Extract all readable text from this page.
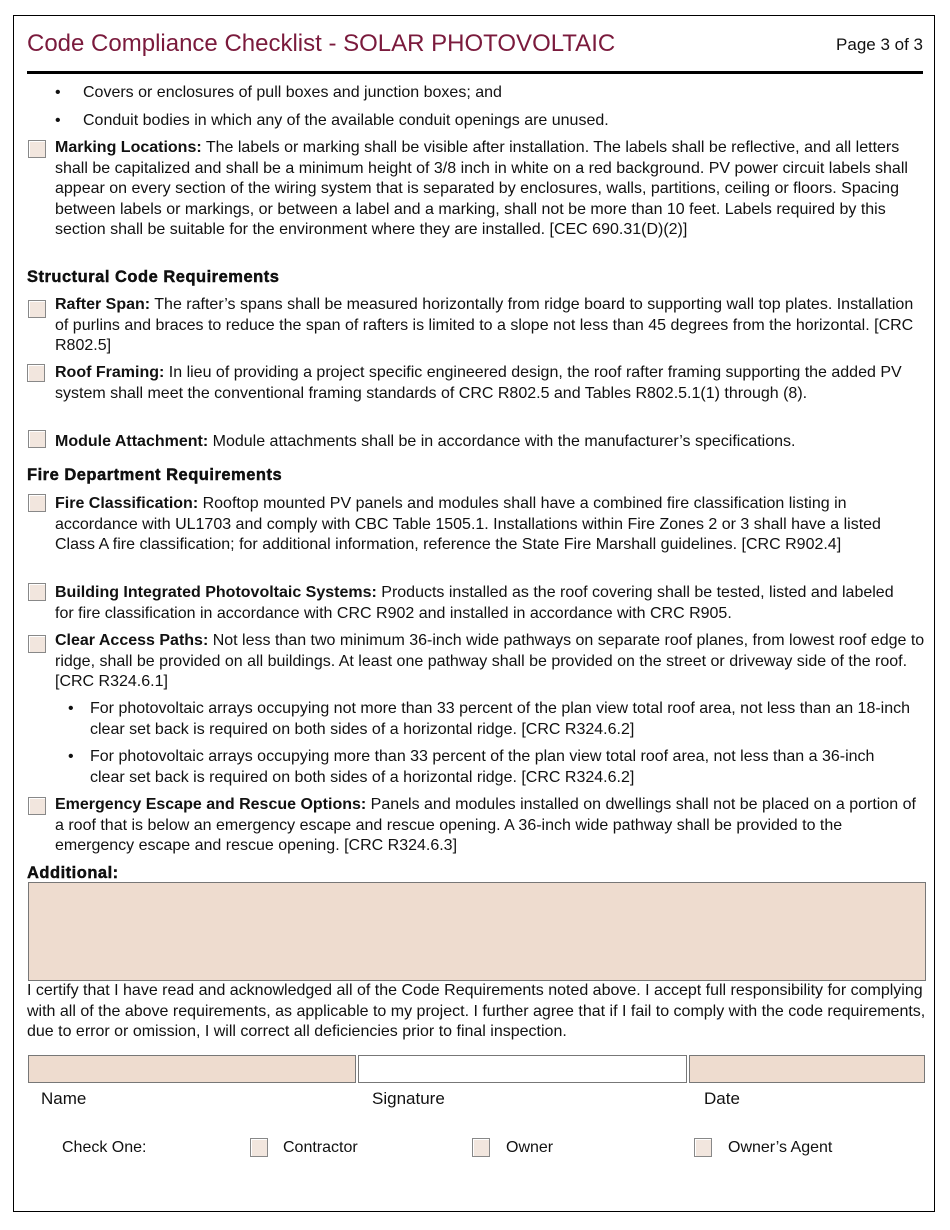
Code Compliance Checklist - SOLAR PHOTOVOLTAIC	Page 3 of 3
• Covers or enclosures of pull boxes and junction boxes; and
• Conduit bodies in which any of the available conduit openings are unused.
Marking Locations: The labels or marking shall be visible after installation. The labels shall be reflective, and all letters shall be capitalized and shall be a minimum height of 3/8 inch in white on a red background. PV power circuit labels shall appear on every section of the wiring system that is separated by enclosures, walls, partitions, ceiling or floors. Spacing between labels or markings, or between a label and a marking, shall not be more than 10 feet. Labels required by this section shall be suitable for the environment where they are installed. [CEC 690.31(D)(2)]
Structural Code Requirements
Rafter Span: The rafter’s spans shall be measured horizontally from ridge board to supporting wall top plates. Installation of purlins and braces to reduce the span of rafters is limited to a slope not less than 45 degrees from the horizontal. [CRC R802.5]
Roof Framing: In lieu of providing a project specific engineered design, the roof rafter framing supporting the added PV system shall meet the conventional framing standards of CRC R802.5 and Tables R802.5.1(1) through (8).
Module Attachment: Module attachments shall be in accordance with the manufacturer’s specifications.
Fire Department Requirements
Fire Classification: Rooftop mounted PV panels and modules shall have a combined fire classification listing in accordance with UL1703 and comply with CBC Table 1505.1. Installations within Fire Zones 2 or 3 shall have a listed Class A fire classification; for additional information, reference the State Fire Marshall guidelines. [CRC R902.4]
Building Integrated Photovoltaic Systems: Products installed as the roof covering shall be tested, listed and labeled for fire classification in accordance with CRC R902 and installed in accordance with CRC R905.
Clear Access Paths: Not less than two minimum 36-inch wide pathways on separate roof planes, from lowest roof edge to ridge, shall be provided on all buildings. At least one pathway shall be provided on the street or driveway side of the roof. [CRC R324.6.1]
• For photovoltaic arrays occupying not more than 33 percent of the plan view total roof area, not less than an 18-inch clear set back is required on both sides of a horizontal ridge. [CRC R324.6.2]
• For photovoltaic arrays occupying more than 33 percent of the plan view total roof area, not less than a 36-inch clear set back is required on both sides of a horizontal ridge. [CRC R324.6.2]
Emergency Escape and Rescue Options: Panels and modules installed on dwellings shall not be placed on a portion of a roof that is below an emergency escape and rescue opening. A 36-inch wide pathway shall be provided to the emergency escape and rescue opening. [CRC R324.6.3]
Additional:
I certify that I have read and acknowledged all of the Code Requirements noted above. I accept full responsibility for complying with all of the above requirements, as applicable to my project. I further agree that if I fail to comply with the code requirements, due to error or omission, I will correct all deficiencies prior to final inspection.
Name	Signature	Date
Check One:	Contractor	Owner	Owner’s Agent
